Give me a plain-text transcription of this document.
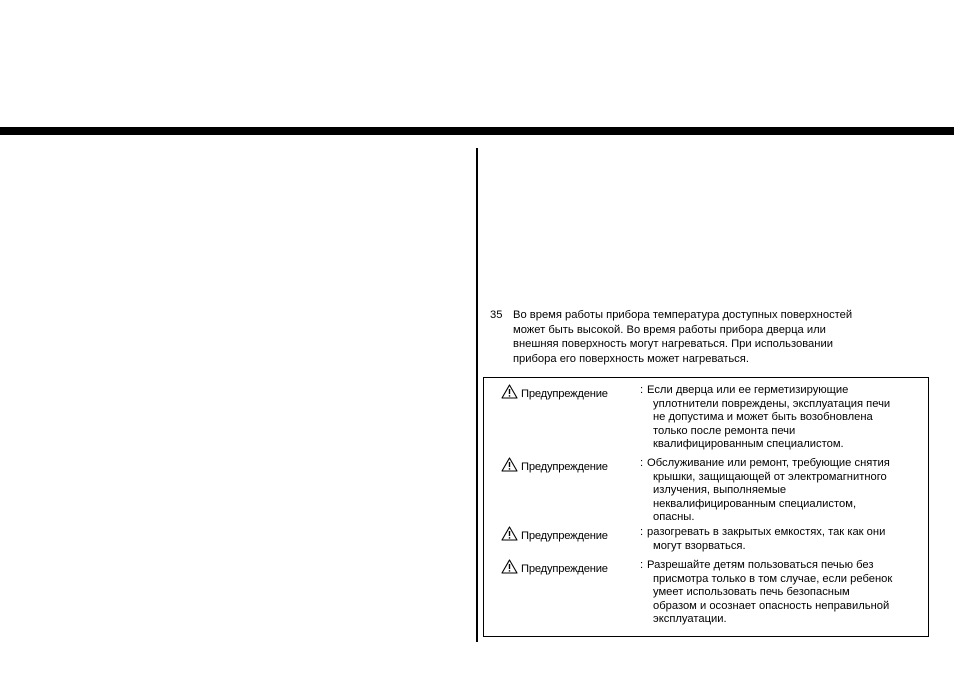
35 Во время работы прибора температура доступных поверхностей
может быть высокой. Во время работы прибора дверца или
внешняя поверхность могут нагреваться. При использовании
прибора его поверхность может нагреваться.
Предупреждение	: Если дверца или ее герметизирующие
уплотнители повреждены, эксплуатация печи
не допустима и может быть возобновлена
только после ремонта печи
квалифицированным специалистом.
Предупреждение	: Обслуживание или ремонт, требующие снятия
крышки, защищающей от электромагнитного
излучения, выполняемые
неквалифицированным специалистом,
опасны.
Предупреждение	: разогревать в закрытых емкостях, так как они
могут взорваться.
Предупреждение	: Разрешайте детям пользоваться печью без
присмотра только в том случае, если ребенок
умеет использовать печь безопасным
образом и осознает опасность неправильной
эксплуатации.
